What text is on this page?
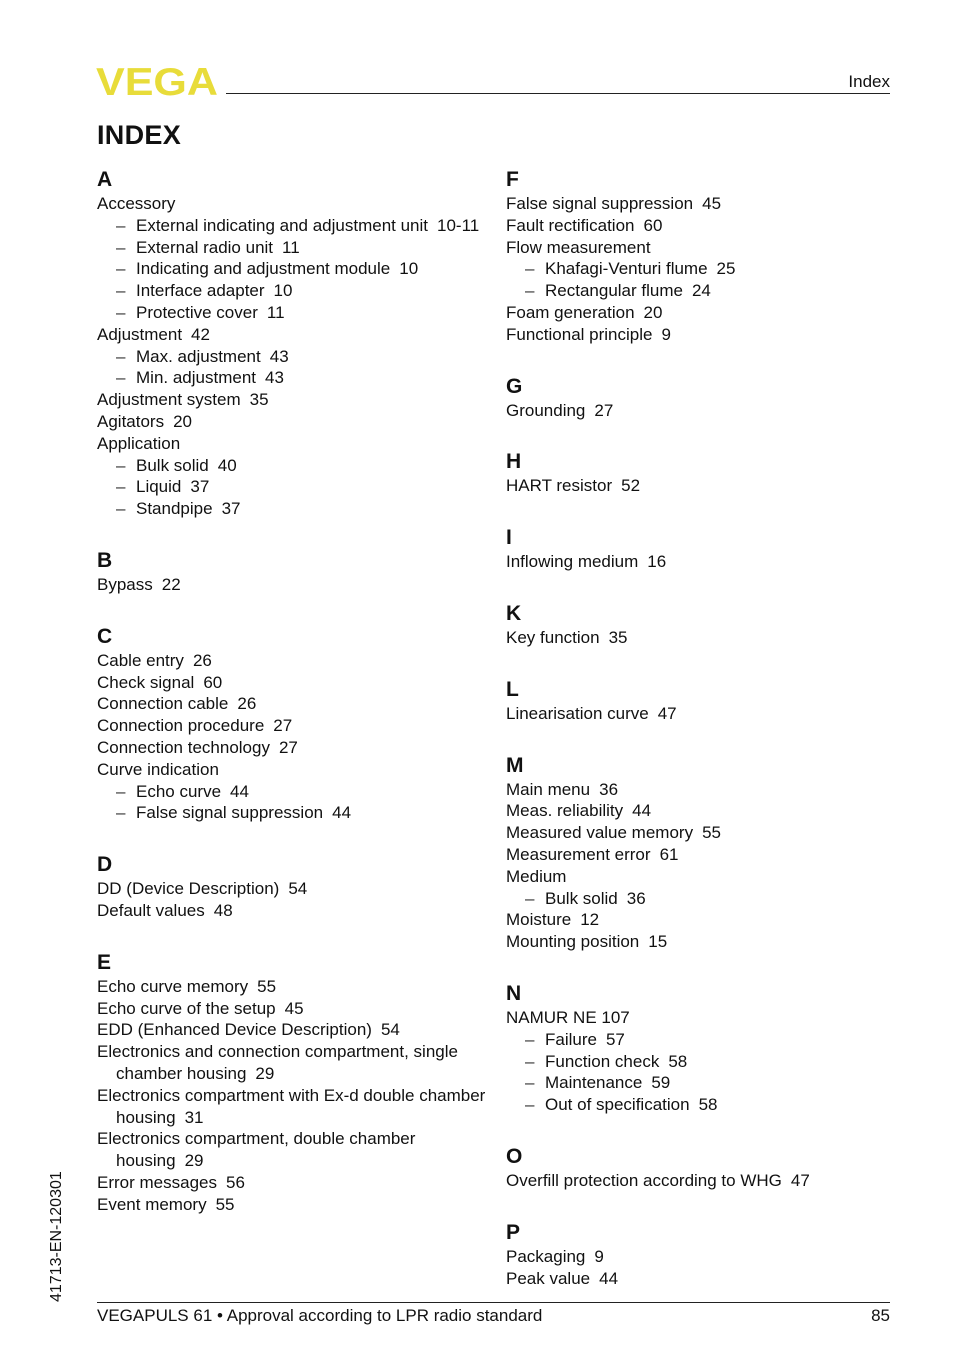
VEGA	Index
INDEX
A
Accessory
– External indicating and adjustment unit 10-11
– External radio unit 11
– Indicating and adjustment module 10
– Interface adapter 10
– Protective cover 11
Adjustment 42
– Max. adjustment 43
– Min. adjustment 43
Adjustment system 35
Agitators 20
Application
– Bulk solid 40
– Liquid 37
– Standpipe 37
B
Bypass 22
C
Cable entry 26
Check signal 60
Connection cable 26
Connection procedure 27
Connection technology 27
Curve indication
– Echo curve 44
– False signal suppression 44
D
DD (Device Description) 54
Default values 48
E
Echo curve memory 55
Echo curve of the setup 45
EDD (Enhanced Device Description) 54
Electronics and connection compartment, single chamber housing 29
Electronics compartment with Ex-d double chamber housing 31
Electronics compartment, double chamber housing 29
Error messages 56
Event memory 55
F
False signal suppression 45
Fault rectification 60
Flow measurement
– Khafagi-Venturi flume 25
– Rectangular flume 24
Foam generation 20
Functional principle 9
G
Grounding 27
H
HART resistor 52
I
Inflowing medium 16
K
Key function 35
L
Linearisation curve 47
M
Main menu 36
Meas. reliability 44
Measured value memory 55
Measurement error 61
Medium
– Bulk solid 36
Moisture 12
Mounting position 15
N
NAMUR NE 107
– Failure 57
– Function check 58
– Maintenance 59
– Out of specification 58
O
Overfill protection according to WHG 47
P
Packaging 9
Peak value 44
VEGAPULS 61 • Approval according to LPR radio standard	85
41713-EN-120301
